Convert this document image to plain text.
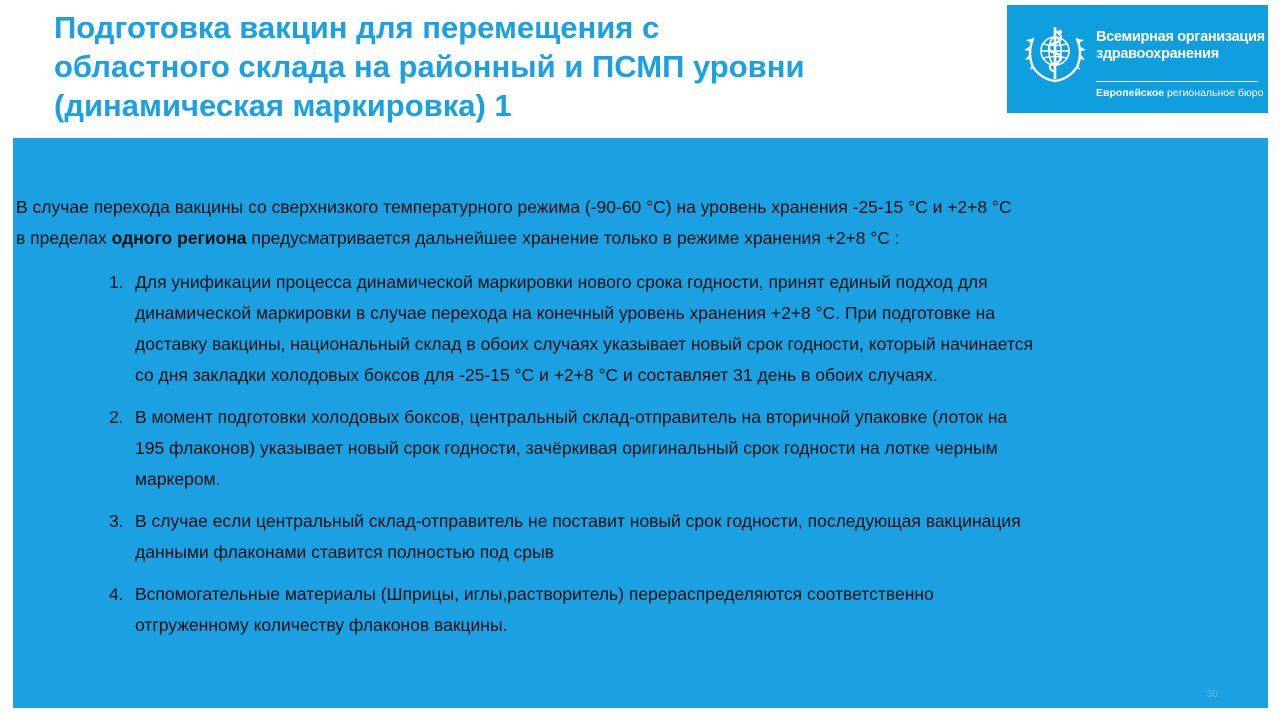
Подготовка вакцин для перемещения с
областного склада на районный и ПСМП уровни
(динамическая маркировка) 1
Всемирная организация
здравоохранения
Европейское региональное бюро

В случае перехода вакцины со сверхнизкого температурного режима (-90-60 °С) на уровень хранения -25-15 °С и +2+8 °С
в пределах одного региона предусматривается дальнейшее хранение только в режиме хранения +2+8 °С :

1. Для унификации процесса динамической маркировки нового срока годности, принят единый подход для
динамической маркировки в случае перехода на конечный уровень хранения +2+8 °С. При подготовке на
доставку вакцины, национальный склад в обоих случаях указывает новый срок годности, который начинается
со дня закладки холодовых боксов для -25-15 °С и +2+8 °С и составляет 31 день в обоих случаях.
2. В момент подготовки холодовых боксов, центральный склад-отправитель на вторичной упаковке (лоток на
195 флаконов) указывает новый срок годности, зачёркивая оригинальный срок годности на лотке черным
маркером.
3. В случае если центральный склад-отправитель не поставит новый срок годности, последующая вакцинация
данными флаконами ставится полностью под срыв
4. Вспомогательные материалы (Шприцы, иглы,растворитель) перераспределяются соответственно
отгруженному количеству флаконов вакцины.
30
